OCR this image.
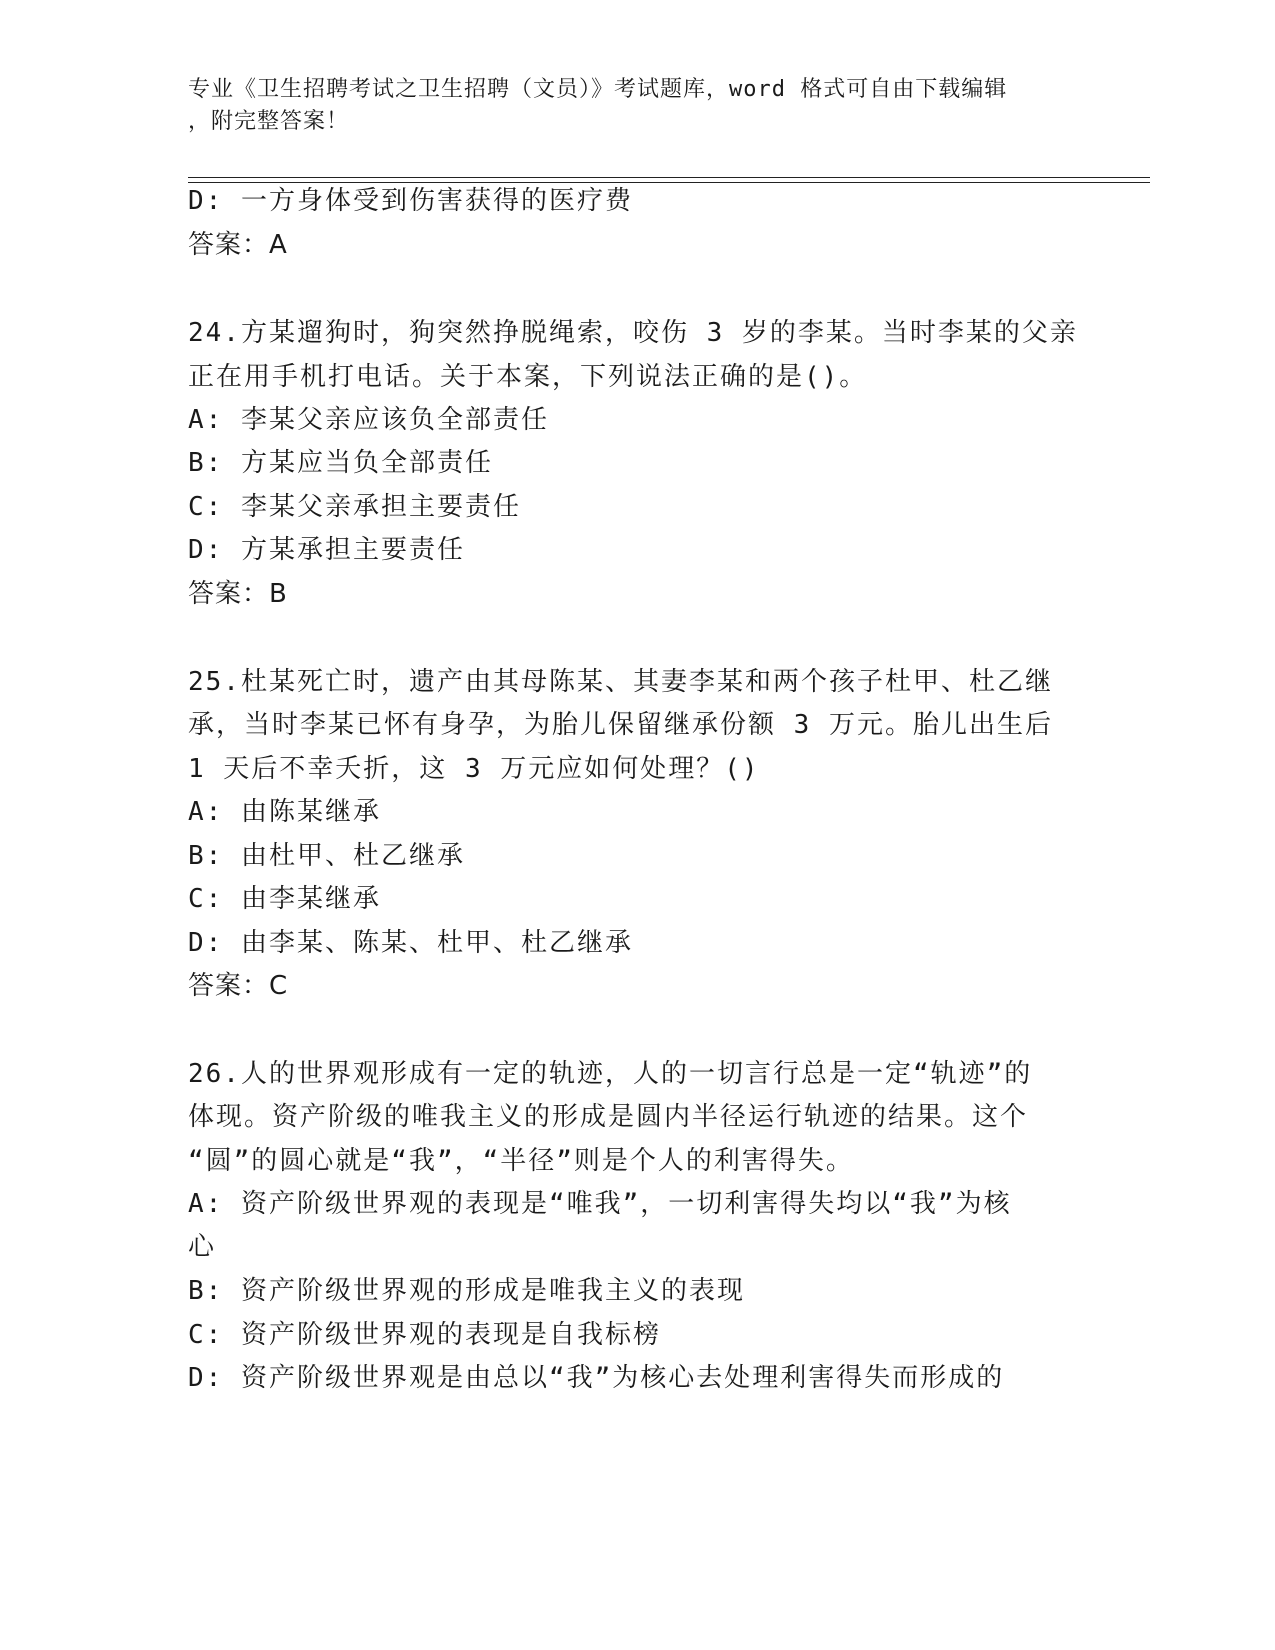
专业《卫生招聘考试之卫生招聘（文员）》考试题库，word 格式可自由下载编辑
，附完整答案！
D: 一方身体受到伤害获得的医疗费
答案：A
24.方某遛狗时，狗突然挣脱绳索，咬伤 3 岁的李某。当时李某的父亲
正在用手机打电话。关于本案，下列说法正确的是()。
A: 李某父亲应该负全部责任
B: 方某应当负全部责任
C: 李某父亲承担主要责任
D: 方某承担主要责任
答案：B
25.杜某死亡时，遗产由其母陈某、其妻李某和两个孩子杜甲、杜乙继
承，当时李某已怀有身孕，为胎儿保留继承份额 3 万元。胎儿出生后
1 天后不幸夭折，这 3 万元应如何处理？()
A: 由陈某继承
B: 由杜甲、杜乙继承
C: 由李某继承
D: 由李某、陈某、杜甲、杜乙继承
答案：C
26.人的世界观形成有一定的轨迹，人的一切言行总是一定“轨迹”的
体现。资产阶级的唯我主义的形成是圆内半径运行轨迹的结果。这个
“圆”的圆心就是“我”，“半径”则是个人的利害得失。
A: 资产阶级世界观的表现是“唯我”，一切利害得失均以“我”为核
心
B: 资产阶级世界观的形成是唯我主义的表现
C: 资产阶级世界观的表现是自我标榜
D: 资产阶级世界观是由总以“我”为核心去处理利害得失而形成的
